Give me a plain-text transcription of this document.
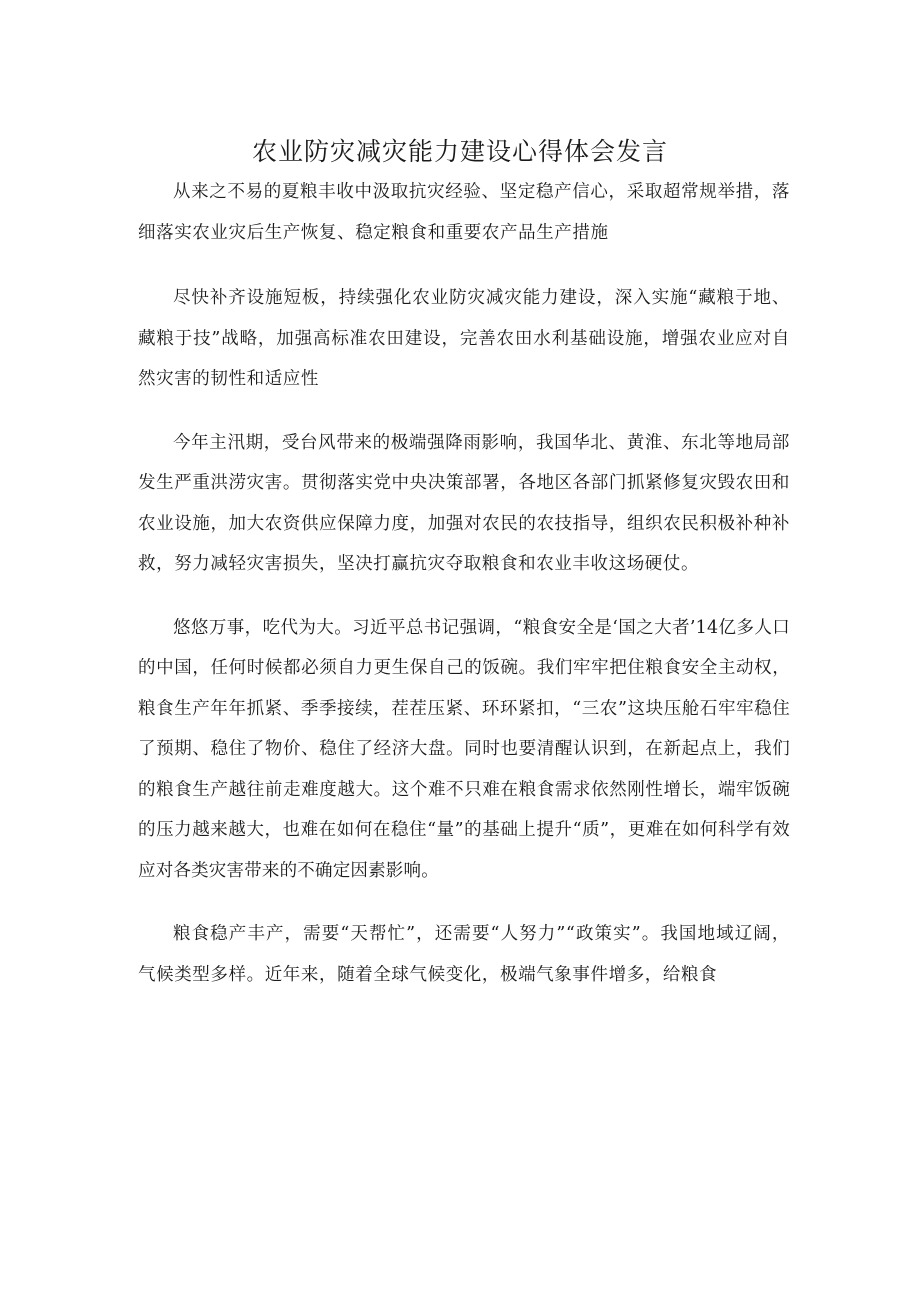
农业防灾减灾能力建设心得体会发言

从来之不易的夏粮丰收中汲取抗灾经验、坚定稳产信心，采取超常规举措，落细落实农业灾后生产恢复、稳定粮食和重要农产品生产措施

尽快补齐设施短板，持续强化农业防灾减灾能力建设，深入实施“藏粮于地、藏粮于技”战略，加强高标准农田建设，完善农田水利基础设施，增强农业应对自然灾害的韧性和适应性

今年主汛期，受台风带来的极端强降雨影响，我国华北、黄淮、东北等地局部发生严重洪涝灾害。贯彻落实党中央决策部署，各地区各部门抓紧修复灾毁农田和农业设施，加大农资供应保障力度，加强对农民的农技指导，组织农民积极补种补救，努力减轻灾害损失，坚决打赢抗灾夺取粮食和农业丰收这场硬仗。

悠悠万事，吃代为大。习近平总书记强调，“粮食安全是‘国之大者’14亿多人口的中国，任何时候都必须自力更生保自己的饭碗。我们牢牢把住粮食安全主动权，粮食生产年年抓紧、季季接续，茬茬压紧、环环紧扣，“三农”这块压舱石牢牢稳住了预期、稳住了物价、稳住了经济大盘。同时也要清醒认识到，在新起点上，我们的粮食生产越往前走难度越大。这个难不只难在粮食需求依然刚性增长，端牢饭碗的压力越来越大，也难在如何在稳住“量”的基础上提升“质”，更难在如何科学有效应对各类灾害带来的不确定因素影响。

粮食稳产丰产，需要“天帮忙”，还需要“人努力”“政策实”。我国地域辽阔，气候类型多样。近年来，随着全球气候变化，极端气象事件增多，给粮食
